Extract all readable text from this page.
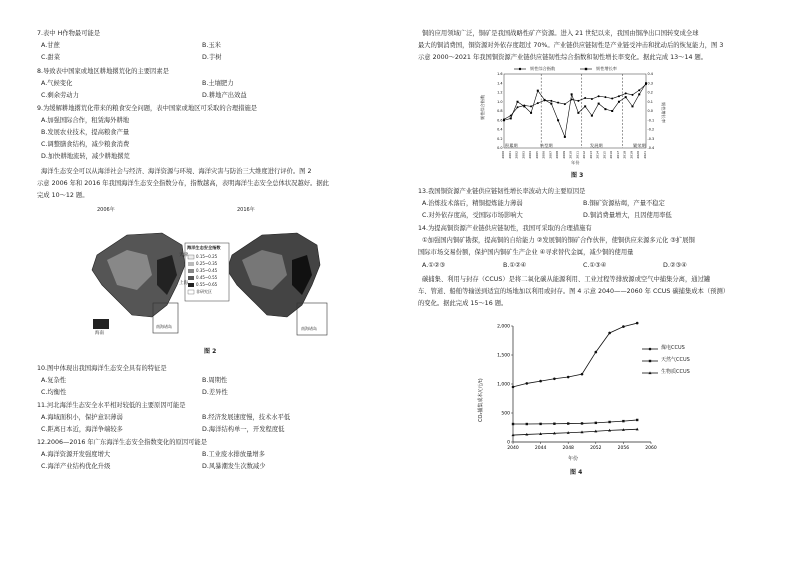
7.表中 H作物最可能是
A.甘蔗	B.玉米
C.甜菜	D.芋树
8.导致表中国家或地区耕地撂荒化的主要因素是
A.气候变化	B.土壤肥力
C.剩余劳动力	D.耕地产出效益
9.为缓解耕地撂荒化带来的粮食安全问题，表中国家或地区可采取的合理措施是
A.加强国际合作，租赁海外耕地
B.发展农业技术，提高粮食产量
C.调整膳食结构，减少粮食消费
D.加快耕地流转，减少耕地撂荒
海洋生态安全可以从海洋社会与经济、海洋资源与环境、海洋灾害与防治三大维度进行评价。图 2
示意 2006 年和 2016 年我国海洋生态安全指数分布，指数越高，表明海洋生态安全总体状况越好。据此
完成 10～12 题。
2006年	2016年
海洋生态安全指数
0.15~0.25
0.25~0.35
0.35~0.45
0.45~0.55
0.55~0.65
非研究区
天津
上海
海南
南海诸岛	南海诸岛
图 2
10.图中体现出我国海洋生态安全具有的特征是
A.复杂性	B.周期性
C.均衡性	D.差异性
11.河北海洋生态安全水平相对较低的主要原因可能是
A.海域面积小，保护意识薄弱	B.经济发展速度慢，技术水平低
C.距离日本近，海洋争端较多	D.海洋结构单一，开发程度低
12.2006—2016 年广东海洋生态安全指数变化的原因可能是
A.海洋资源开发强度增大	B.工业废水排放量增多
C.海洋产业结构优化升级	D.风暴潮发生次数减少
铜的应用领域广泛，铜矿是我国战略性矿产资源。进入 21 世纪以来，我国由铜净出口国转变成全球
最大的铜消费国，铜资源对外依存度超过 70%。产业链供应链韧性是产业链受冲击和扰动后的恢复能力，图 3
示意 2000～2021 年我国铜资源产业链供应链韧性综合指数和韧性增长率变化。据此完成 13～14 题。
0.0
0.2
0.4
0.6
0.8
1.0
1.2
1.4
1.6
-0.4
-0.3
-0.2
-0.1
0.0
0.1
0.2
0.3
0.4
2000 2001 2002 2003 2004 2005 2006 2007 2008 2009 2010 2011 2012 2013 2014 2015 2016 2017 2018 2019 2020 2021
韧性综合指数	韧性增长率
韧性综合指数	韧性增长率
积累期	转型期	发展期	繁荣期
年份
图 3
13.我国铜资源产业链供应链韧性增长率波动大的主要原因是
A.治炼技术落后，精铜提炼能力薄弱	B.铜矿资源枯竭，产量不稳定
C.对外依存度高，受国际市场影响大	D.铜消费量增大，且因使用率低
14.为提高铜资源产业链供应链韧性，我国可采取的合理措施有
①加强国内铜矿勘探，提高铜的自给能力 ②发展铜的铜矿合作伙伴，使铜供应来源多元化 ③扩展铜
国际市场交易份额，保护国内铜矿生产企业 ④寻求替代金属，减少铜的使用量
A.①②③	B.①②④	C.①③④	D.②③④
碳捕集、利用与封存（CCUS）是将二氧化碳从能源利用、工业过程等排放源或空气中捕集分离，通过罐
车、管道、船舶等输送到适宜的场地加以利用或封存。图 4 示意 2040——2060 年 CCUS 碳捕集成本（预测）
的变化。据此完成 15～16 题。
0
500
1,000
1,500
2,000
2040	2044	2048	2052	2056	2060
CO₂捕集成本/(元/t)
年份
煤电CCUS
天然气CCUS
生物质CCUS
图 4
